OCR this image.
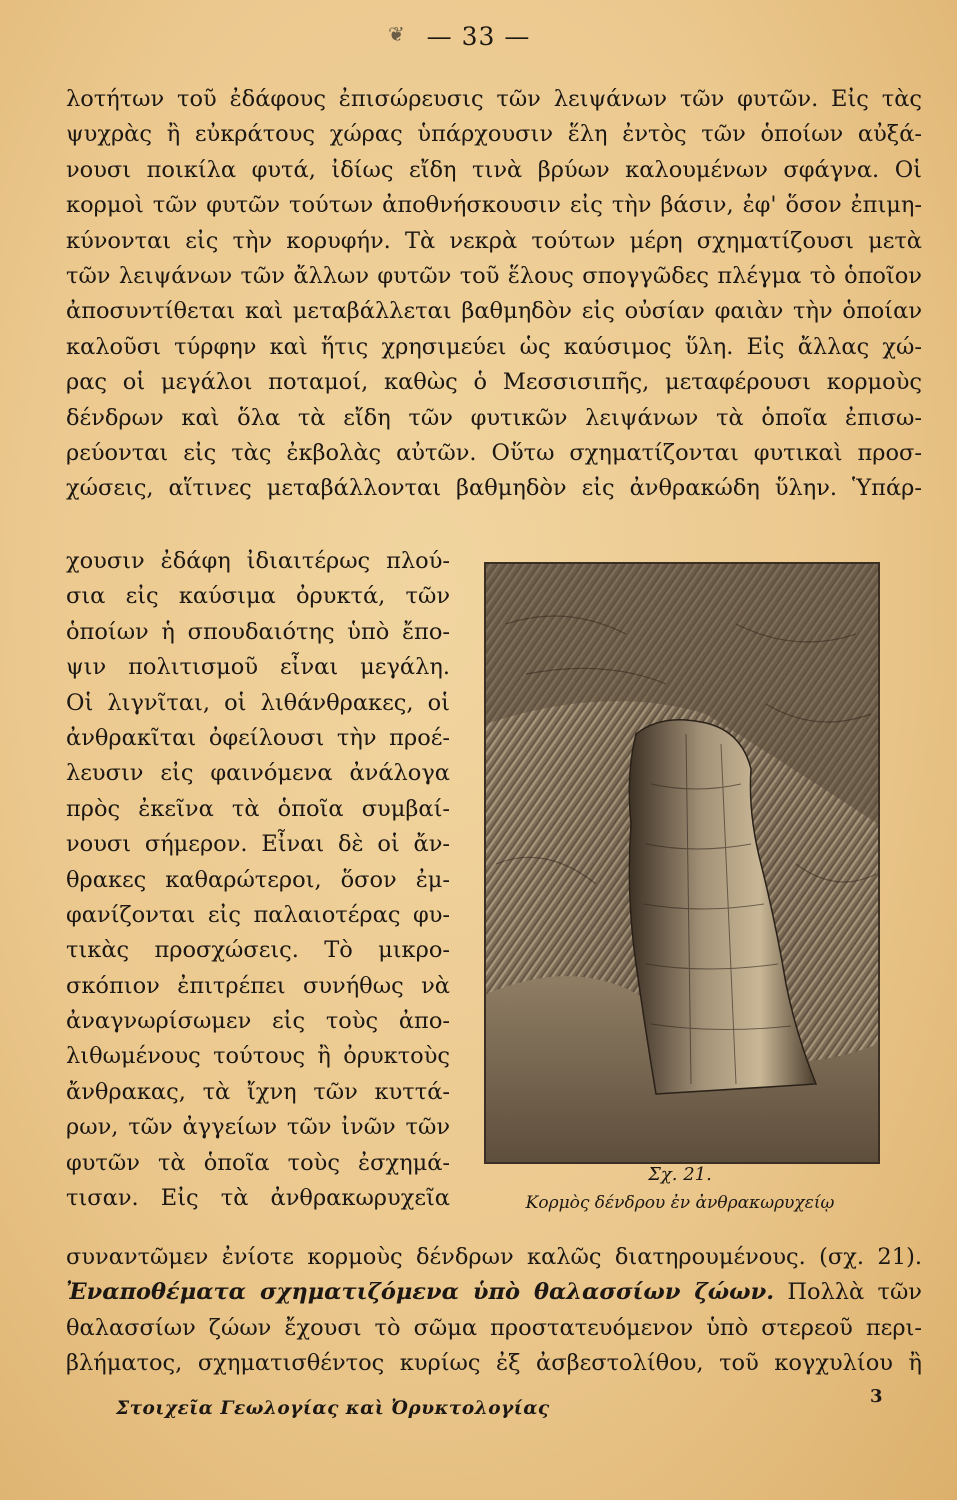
❦ — 33 —
λοτήτων τοῦ ἐδάφους ἐπισώρευσις τῶν λειψάνων τῶν φυτῶν. Εἰς τὰς
ψυχρὰς ἢ εὐκράτους χώρας ὑπάρχουσιν ἕλη ἐντὸς τῶν ὁποίων αὐξά-
νουσι ποικίλα φυτά, ἰδίως εἴδη τινὰ βρύων καλουμένων σφάγνα. Οἱ
κορμοὶ τῶν φυτῶν τούτων ἀποθνήσκουσιν εἰς τὴν βάσιν, ἐφ' ὅσον ἐπιμη-
κύνονται εἰς τὴν κορυφήν. Τὰ νεκρὰ τούτων μέρη σχηματίζουσι μετὰ
τῶν λειψάνων τῶν ἄλλων φυτῶν τοῦ ἕλους σπογγῶδες πλέγμα τὸ ὁποῖον
ἀποσυντίθεται καὶ μεταβάλλεται βαθμηδὸν εἰς οὐσίαν φαιὰν τὴν ὁποίαν
καλοῦσι τύρφην καὶ ἥτις χρησιμεύει ὡς καύσιμος ὕλη. Εἰς ἄλλας χώ-
ρας οἱ μεγάλοι ποταμοί, καθὼς ὁ Μεσσισιπῆς, μεταφέρουσι κορμοὺς
δένδρων καὶ ὅλα τὰ εἴδη τῶν φυτικῶν λειψάνων τὰ ὁποῖα ἐπισω-
ρεύονται εἰς τὰς ἐκβολὰς αὐτῶν. Οὕτω σχηματίζονται φυτικαὶ προσ-
χώσεις, αἵτινες μεταβάλλονται βαθμηδὸν εἰς ἀνθρακώδη ὕλην. Ὑπάρ-
χουσιν ἐδάφη ἰδιαιτέρως πλού-
σια εἰς καύσιμα ὀρυκτά, τῶν
ὁποίων ἡ σπουδαιότης ὑπὸ ἔπο-
ψιν πολιτισμοῦ εἶναι μεγάλη.
Οἱ λιγνῖται, οἱ λιθάνθρακες, οἱ
ἀνθρακῖται ὀφείλουσι τὴν προέ-
λευσιν εἰς φαινόμενα ἀνάλογα
πρὸς ἐκεῖνα τὰ ὁποῖα συμβαί-
νουσι σήμερον. Εἶναι δὲ οἱ ἄν-
θρακες καθαρώτεροι, ὅσον ἐμ-
φανίζονται εἰς παλαιοτέρας φυ-
τικὰς προσχώσεις. Τὸ μικρο-
σκόπιον ἐπιτρέπει συνήθως νὰ
ἀναγνωρίσωμεν εἰς τοὺς ἀπο-
λιθωμένους τούτους ἢ ὀρυκτοὺς
ἄνθρακας, τὰ ἴχνη τῶν κυττά-
ρων, τῶν ἀγγείων τῶν ἰνῶν τῶν
φυτῶν τὰ ὁποῖα τοὺς ἐσχημά-
τισαν. Εἰς τὰ ἀνθρακωρυχεῖα
Σχ. 21.
Κορμὸς δένδρου ἐν ἀνθρακωρυχείῳ
συναντῶμεν ἐνίοτε κορμοὺς δένδρων καλῶς διατηρουμένους. (σχ. 21).
Ἐναποθέματα σχηματιζόμενα ὑπὸ θαλασσίων ζώων. Πολλὰ τῶν
θαλασσίων ζώων ἔχουσι τὸ σῶμα προστατευόμενον ὑπὸ στερεοῦ περι-
βλήματος, σχηματισθέντος κυρίως ἐξ ἀσβεστολίθου, τοῦ κογχυλίου ἢ
Στοιχεῖα Γεωλογίας καὶ Ὀρυκτολογίας
3
